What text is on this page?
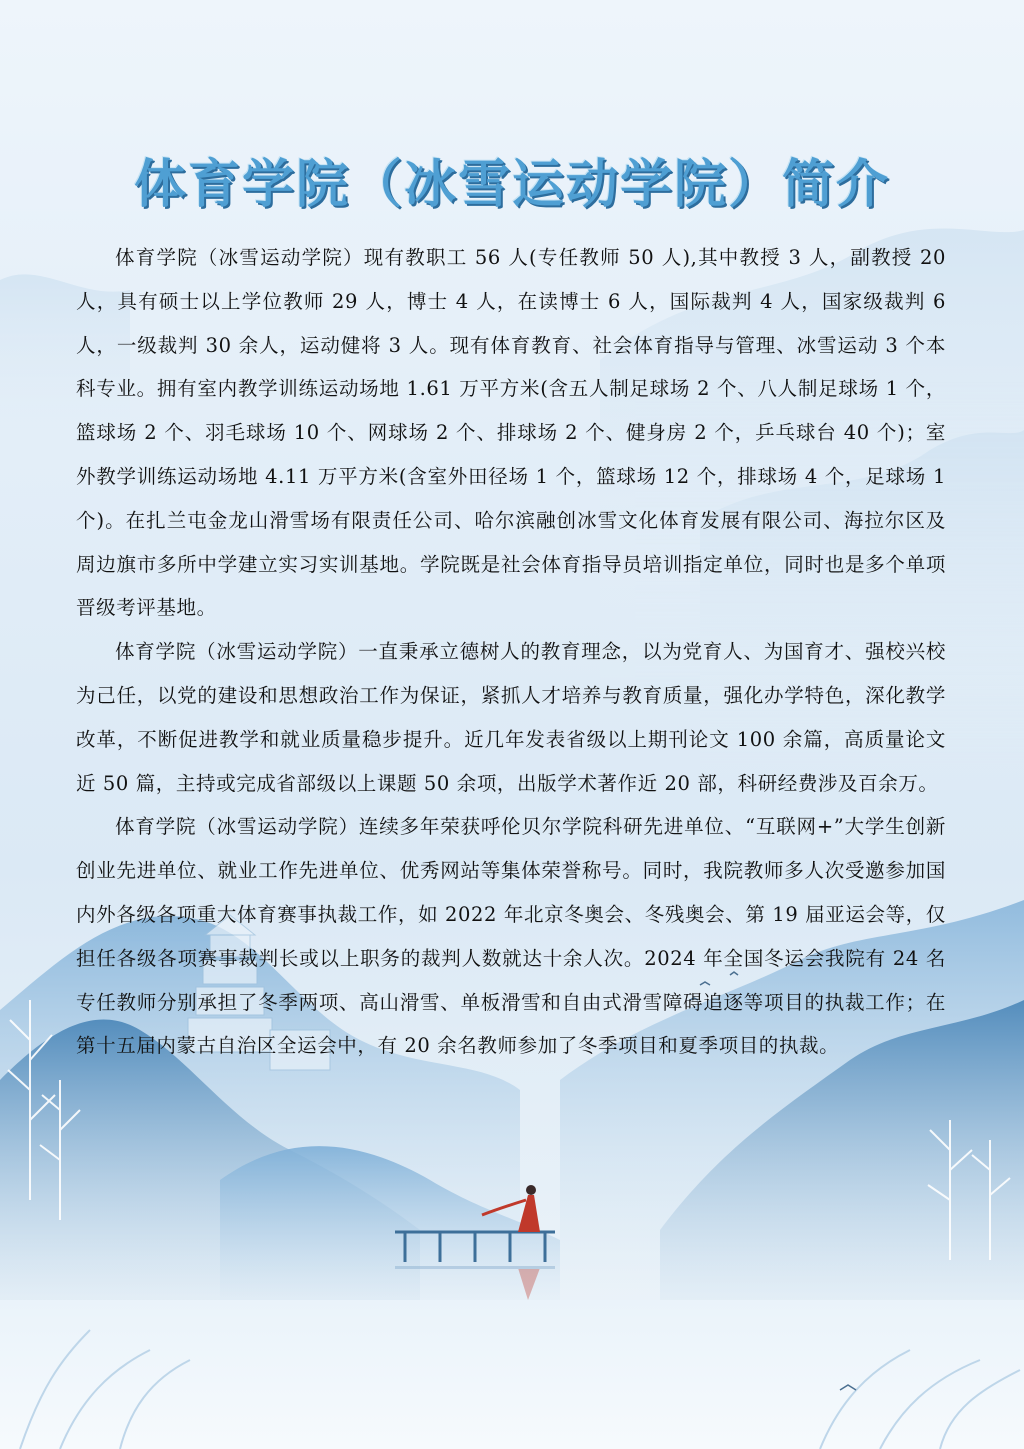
体育学院（冰雪运动学院）简介

体育学院（冰雪运动学院）现有教职工 56 人(专任教师 50 人),其中教授 3 人，副教授 20 人，具有硕士以上学位教师 29 人，博士 4 人，在读博士 6 人，国际裁判 4 人，国家级裁判 6 人，一级裁判 30 余人，运动健将 3 人。现有体育教育、社会体育指导与管理、冰雪运动 3 个本科专业。拥有室内教学训练运动场地 1.61 万平方米(含五人制足球场 2 个、八人制足球场 1 个，篮球场 2 个、羽毛球场 10 个、网球场 2 个、排球场 2 个、健身房 2 个，乒乓球台 40 个)；室外教学训练运动场地 4.11 万平方米(含室外田径场 1 个，篮球场 12 个，排球场 4 个，足球场 1 个)。在扎兰屯金龙山滑雪场有限责任公司、哈尔滨融创冰雪文化体育发展有限公司、海拉尔区及周边旗市多所中学建立实习实训基地。学院既是社会体育指导员培训指定单位，同时也是多个单项晋级考评基地。

体育学院（冰雪运动学院）一直秉承立德树人的教育理念，以为党育人、为国育才、强校兴校为己任，以党的建设和思想政治工作为保证，紧抓人才培养与教育质量，强化办学特色，深化教学改革，不断促进教学和就业质量稳步提升。近几年发表省级以上期刊论文 100 余篇，高质量论文近 50 篇，主持或完成省部级以上课题 50 余项，出版学术著作近 20 部，科研经费涉及百余万。

体育学院（冰雪运动学院）连续多年荣获呼伦贝尔学院科研先进单位、“互联网+”大学生创新创业先进单位、就业工作先进单位、优秀网站等集体荣誉称号。同时，我院教师多人次受邀参加国内外各级各项重大体育赛事执裁工作，如 2022 年北京冬奥会、冬残奥会、第 19 届亚运会等，仅担任各级各项赛事裁判长或以上职务的裁判人数就达十余人次。2024 年全国冬运会我院有 24 名专任教师分别承担了冬季两项、高山滑雪、单板滑雪和自由式滑雪障碍追逐等项目的执裁工作；在第十五届内蒙古自治区全运会中，有 20 余名教师参加了冬季项目和夏季项目的执裁。
